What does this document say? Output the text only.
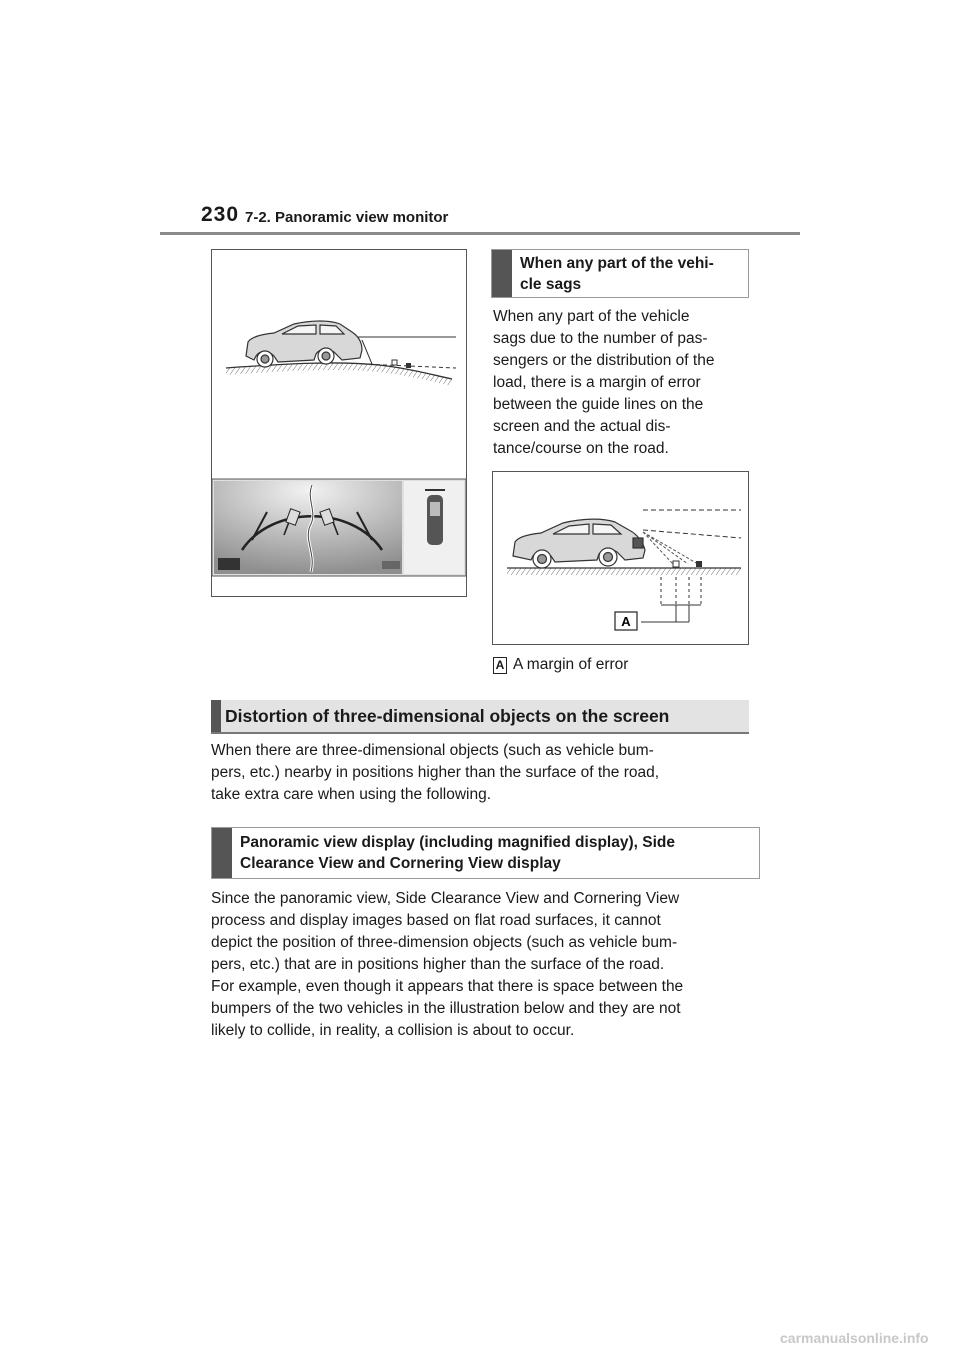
230 7-2. Panoramic view monitor
When any part of the vehi-
cle sags
When any part of the vehicle
sags due to the number of pas-
sengers or the distribution of the
load, there is a margin of error
between the guide lines on the
screen and the actual dis-
tance/course on the road.
A
A A margin of error
Distortion of three-dimensional objects on the screen
When there are three-dimensional objects (such as vehicle bum-
pers, etc.) nearby in positions higher than the surface of the road,
take extra care when using the following.
Panoramic view display (including magnified display), Side
Clearance View and Cornering View display
Since the panoramic view, Side Clearance View and Cornering View
process and display images based on flat road surfaces, it cannot
depict the position of three-dimension objects (such as vehicle bum-
pers, etc.) that are in positions higher than the surface of the road.
For example, even though it appears that there is space between the
bumpers of the two vehicles in the illustration below and they are not
likely to collide, in reality, a collision is about to occur.
carmanualsonline.info
